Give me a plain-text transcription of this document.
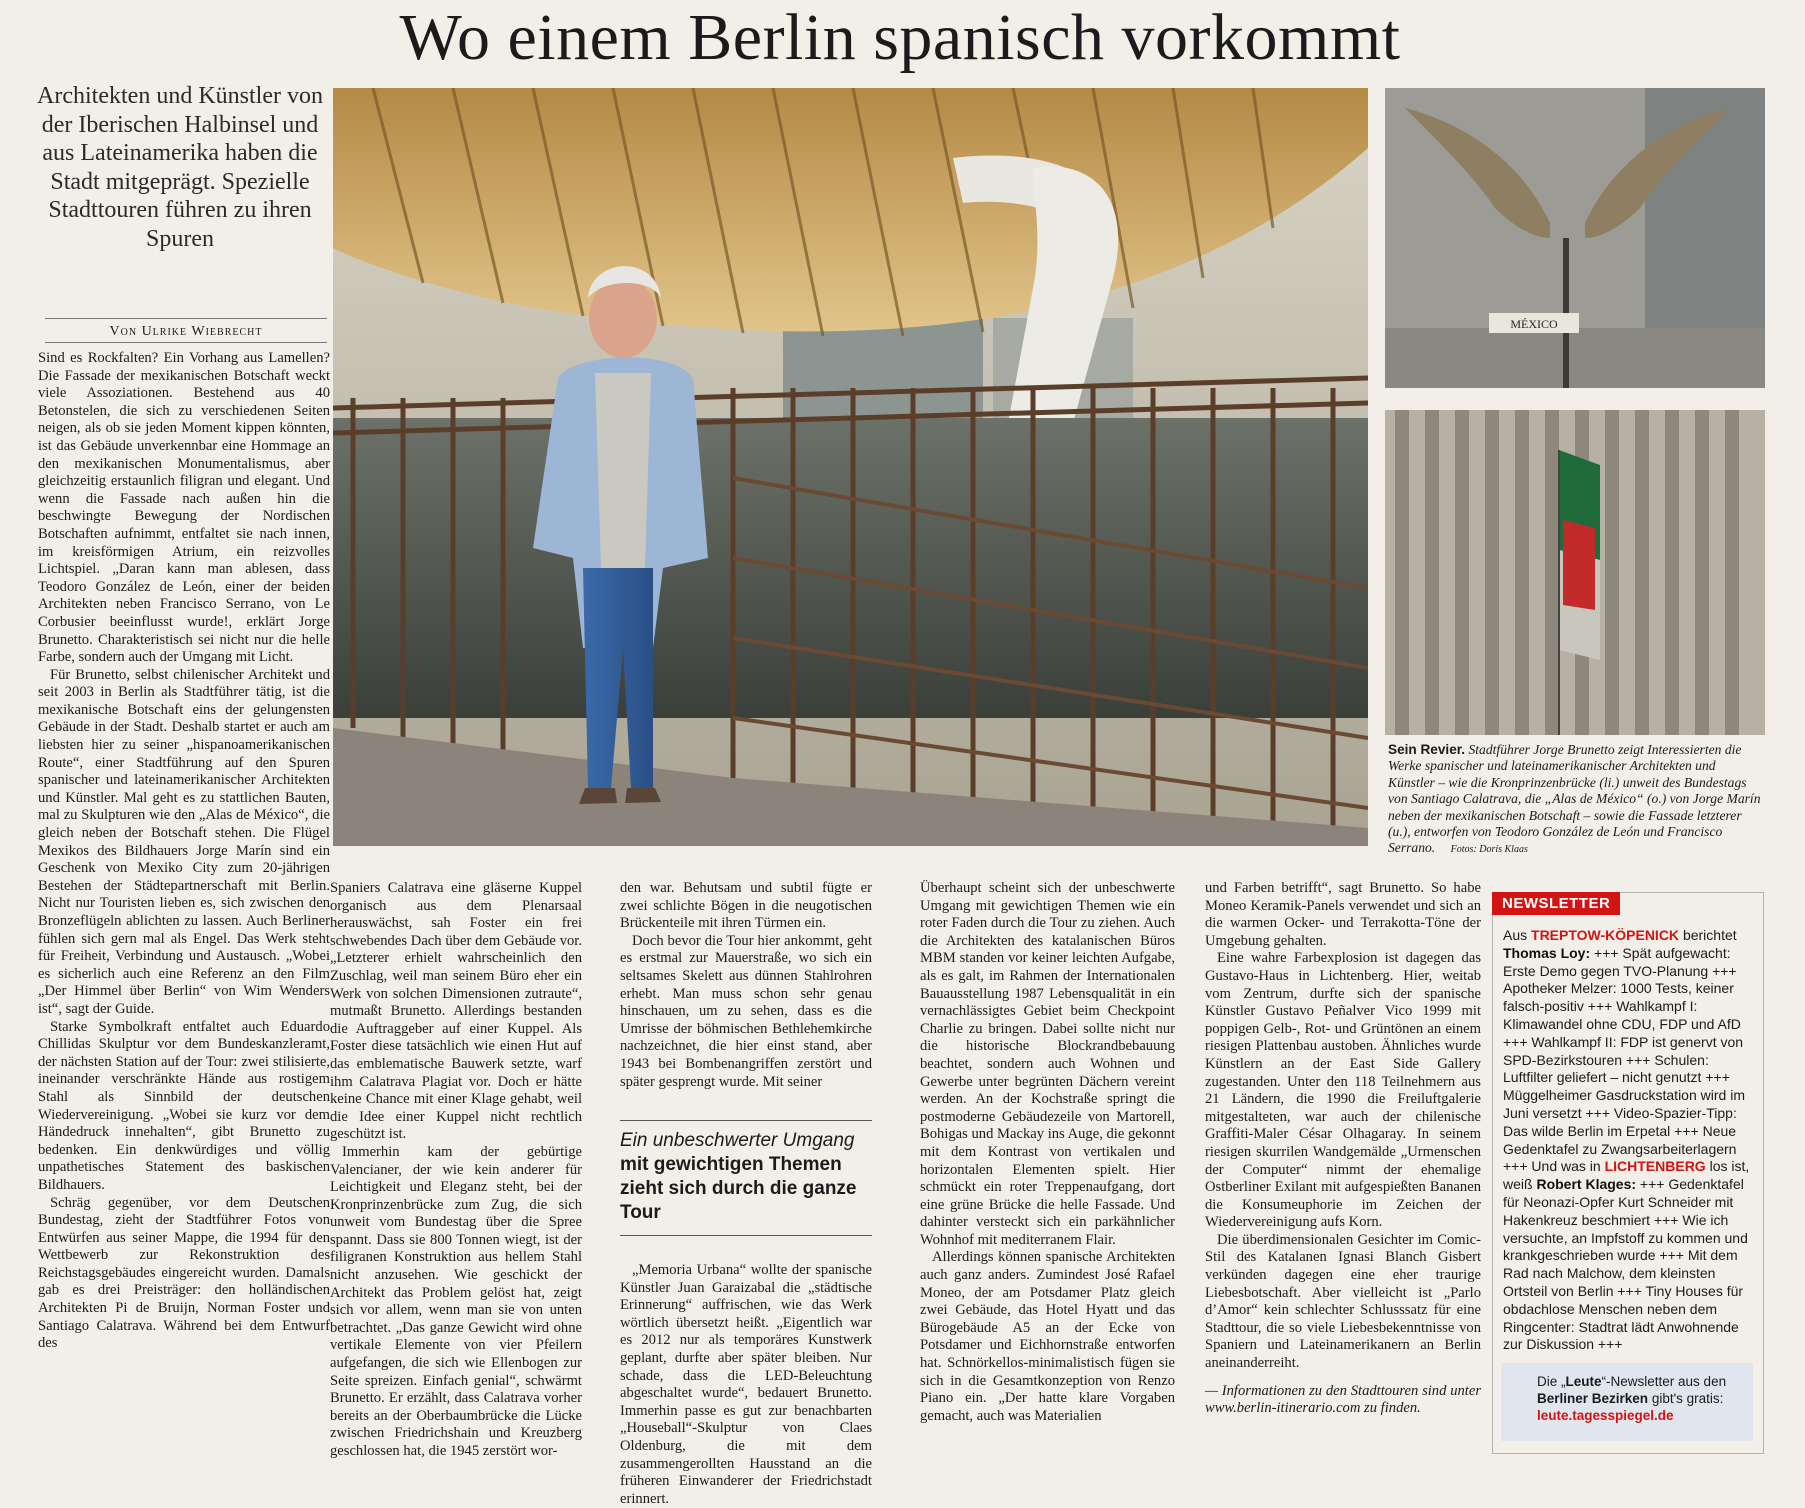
Wo einem Berlin spanisch vorkommt
Architekten und Künstler von der Iberischen Halbinsel und aus Lateinamerika haben die Stadt mitgeprägt. Spezielle Stadttouren führen zu ihren Spuren
Von Ulrike Wiebrecht

Sind es Rockfalten? Ein Vorhang aus Lamellen? Die Fassade der mexikanischen Botschaft weckt viele Assoziationen. Bestehend aus 40 Betonstelen, die sich zu verschiedenen Seiten neigen, als ob sie jeden Moment kippen könnten, ist das Gebäude unverkennbar eine Hommage an den mexikanischen Monumentalismus, aber gleichzeitig erstaunlich filigran und elegant. Und wenn die Fassade nach außen hin die beschwingte Bewegung der Nordischen Botschaften aufnimmt, entfaltet sie nach innen, im kreisförmigen Atrium, ein reizvolles Lichtspiel. „Daran kann man ablesen, dass Teodoro González de León, einer der beiden Architekten neben Francisco Serrano, von Le Corbusier beeinflusst wurde!, erklärt Jorge Brunetto. Charakteristisch sei nicht nur die helle Farbe, sondern auch der Umgang mit Licht.

Für Brunetto, selbst chilenischer Architekt und seit 2003 in Berlin als Stadtführer tätig, ist die mexikanische Botschaft eins der gelungensten Gebäude in der Stadt. Deshalb startet er auch am liebsten hier zu seiner „hispanoamerikanischen Route“, einer Stadtführung auf den Spuren spanischer und lateinamerikanischer Architekten und Künstler. Mal geht es zu stattlichen Bauten, mal zu Skulpturen wie den „Alas de México“, die gleich neben der Botschaft stehen. Die Flügel Mexikos des Bildhauers Jorge Marín sind ein Geschenk von Mexiko City zum 20-jährigen Bestehen der Städtepartnerschaft mit Berlin. Nicht nur Touristen lieben es, sich zwischen den Bronzeflügeln ablichten zu lassen. Auch Berliner fühlen sich gern mal als Engel. Das Werk steht für Freiheit, Verbindung und Austausch. „Wobei es sicherlich auch eine Referenz an den Film „Der Himmel über Berlin“ von Wim Wenders ist“, sagt der Guide.

Starke Symbolkraft entfaltet auch Eduardo Chillidas Skulptur vor dem Bundeskanzleramt, der nächsten Station auf der Tour: zwei stilisierte, ineinander verschränkte Hände aus rostigem Stahl als Sinnbild der deutschen Wiedervereinigung. „Wobei sie kurz vor dem Händedruck innehalten“, gibt Brunetto zu bedenken. Ein denkwürdiges und völlig unpathetisches Statement des baskischen Bildhauers.

Schräg gegenüber, vor dem Deutschen Bundestag, zieht der Stadtführer Fotos von Entwürfen aus seiner Mappe, die 1994 für den Wettbewerb zur Rekonstruktion des Reichstagsgebäudes eingereicht wurden. Damals gab es drei Preisträger: den holländischen Architekten Pi de Bruijn, Norman Foster und Santiago Calatrava. Während bei dem Entwurf des

MÉXICO
Sein Revier. Stadtführer Jorge Brunetto zeigt Interessierten die Werke spanischer und lateinamerikanischer Architekten und Künstler – wie die Kronprinzenbrücke (li.) unweit des Bundestags von Santiago Calatrava, die „Alas de México“ (o.) von Jorge Marín neben der mexikanischen Botschaft – sowie die Fassade letzterer (u.), entworfen von Teodoro González de León und Francisco Serrano. Fotos: Doris Klaas

Spaniers Calatrava eine gläserne Kuppel organisch aus dem Plenarsaal herauswächst, sah Foster ein frei schwebendes Dach über dem Gebäude vor. „Letzterer erhielt wahrscheinlich den Zuschlag, weil man seinem Büro eher ein Werk von solchen Dimensionen zutraute“, mutmaßt Brunetto. Allerdings bestanden die Auftraggeber auf einer Kuppel. Als Foster diese tatsächlich wie einen Hut auf das emblematische Bauwerk setzte, warf ihm Calatrava Plagiat vor. Doch er hätte keine Chance mit einer Klage gehabt, weil die Idee einer Kuppel nicht rechtlich geschützt ist.

Immerhin kam der gebürtige Valencianer, der wie kein anderer für Leichtigkeit und Eleganz steht, bei der Kronprinzenbrücke zum Zug, die sich unweit vom Bundestag über die Spree spannt. Dass sie 800 Tonnen wiegt, ist der filigranen Konstruktion aus hellem Stahl nicht anzusehen. Wie geschickt der Architekt das Problem gelöst hat, zeigt sich vor allem, wenn man sie von unten betrachtet. „Das ganze Gewicht wird ohne vertikale Elemente von vier Pfeilern aufgefangen, die sich wie Ellenbogen zur Seite spreizen. Einfach genial“, schwärmt Brunetto. Er erzählt, dass Calatrava vorher bereits an der Oberbaumbrücke die Lücke zwischen Friedrichshain und Kreuzberg geschlossen hat, die 1945 zerstört wor-

den war. Behutsam und subtil fügte er zwei schlichte Bögen in die neugotischen Brückenteile mit ihren Türmen ein.

Doch bevor die Tour hier ankommt, geht es erstmal zur Mauerstraße, wo sich ein seltsames Skelett aus dünnen Stahlrohren erhebt. Man muss schon sehr genau hinschauen, um zu sehen, dass es die Umrisse der böhmischen Bethlehemkirche nachzeichnet, die hier einst stand, aber 1943 bei Bombenangriffen zerstört und später gesprengt wurde. Mit seiner

Ein unbeschwerter Umgang
mit gewichtigen Themen zieht sich durch die ganze Tour

„Memoria Urbana“ wollte der spanische Künstler Juan Garaizabal die „städtische Erinnerung“ auffrischen, wie das Werk wörtlich übersetzt heißt. „Eigentlich war es 2012 nur als temporäres Kunstwerk geplant, durfte aber später bleiben. Nur schade, dass die LED-Beleuchtung abgeschaltet wurde“, bedauert Brunetto. Immerhin passe es gut zur benachbarten „Houseball“-Skulptur von Claes Oldenburg, die mit dem zusammengerollten Hausstand an die früheren Einwanderer der Friedrichstadt erinnert.

Überhaupt scheint sich der unbeschwerte Umgang mit gewichtigen Themen wie ein roter Faden durch die Tour zu ziehen. Auch die Architekten des katalanischen Büros MBM standen vor keiner leichten Aufgabe, als es galt, im Rahmen der Internationalen Bauausstellung 1987 Lebensqualität in ein vernachlässigtes Gebiet beim Checkpoint Charlie zu bringen. Dabei sollte nicht nur die historische Blockrandbebauung beachtet, sondern auch Wohnen und Gewerbe unter begrünten Dächern vereint werden. An der Kochstraße springt die postmoderne Gebäudezeile von Martorell, Bohigas und Mackay ins Auge, die gekonnt mit dem Kontrast von vertikalen und horizontalen Elementen spielt. Hier schmückt ein roter Treppenaufgang, dort eine grüne Brücke die helle Fassade. Und dahinter versteckt sich ein parkähnlicher Wohnhof mit mediterranem Flair.

Allerdings können spanische Architekten auch ganz anders. Zumindest José Rafael Moneo, der am Potsdamer Platz gleich zwei Gebäude, das Hotel Hyatt und das Bürogebäude A5 an der Ecke von Potsdamer und Eichhornstraße entworfen hat. Schnörkellos-minimalistisch fügen sie sich in die Gesamtkonzeption von Renzo Piano ein. „Der hatte klare Vorgaben gemacht, auch was Materialien

und Farben betrifft“, sagt Brunetto. So habe Moneo Keramik-Panels verwendet und sich an die warmen Ocker- und Terrakotta-Töne der Umgebung gehalten.

Eine wahre Farbexplosion ist dagegen das Gustavo-Haus in Lichtenberg. Hier, weitab vom Zentrum, durfte sich der spanische Künstler Gustavo Peñalver Vico 1999 mit poppigen Gelb-, Rot- und Grüntönen an einem riesigen Plattenbau austoben. Ähnliches wurde Künstlern an der East Side Gallery zugestanden. Unter den 118 Teilnehmern aus 21 Ländern, die 1990 die Freiluftgalerie mitgestalteten, war auch der chilenische Graffiti-Maler César Olhagaray. In seinem riesigen skurrilen Wandgemälde „Urmenschen der Computer“ nimmt der ehemalige Ostberliner Exilant mit aufgespießten Bananen die Konsumeuphorie im Zeichen der Wiedervereinigung aufs Korn.

Die überdimensionalen Gesichter im Comic-Stil des Katalanen Ignasi Blanch Gisbert verkünden dagegen eine eher traurige Liebesbotschaft. Aber vielleicht ist „Parlo d’Amor“ kein schlechter Schlusssatz für eine Stadttour, die so viele Liebesbekenntnisse von Spaniern und Lateinamerikanern an Berlin aneinanderreiht.

— Informationen zu den Stadttouren sind unter www.berlin-itinerario.com zu finden.

NEWSLETTER
Aus TREPTOW-KÖPENICK berichtet Thomas Loy: +++ Spät aufgewacht: Erste Demo gegen TVO-Planung +++ Apotheker Melzer: 1000 Tests, keiner falsch-positiv +++ Wahlkampf I: Klimawandel ohne CDU, FDP und AfD +++ Wahlkampf II: FDP ist genervt von SPD-Bezirkstouren +++ Schulen: Luftfilter geliefert – nicht genutzt +++ Müggelheimer Gasdruckstation wird im Juni versetzt +++ Video-Spazier-Tipp: Das wilde Berlin im Erpetal +++ Neue Gedenktafel zu Zwangsarbeiterlagern +++ Und was in LICHTENBERG los ist, weiß Robert Klages: +++ Gedenktafel für Neonazi-Opfer Kurt Schneider mit Hakenkreuz beschmiert +++ Wie ich versuchte, an Impfstoff zu kommen und krankgeschrieben wurde +++ Mit dem Rad nach Malchow, dem kleinsten Ortsteil von Berlin +++ Tiny Houses für obdachlose Menschen neben dem Ringcenter: Stadtrat lädt Anwohnende zur Diskussion +++
Die „Leute“-Newsletter aus den Berliner Bezirken gibt's gratis:
leute.tagesspiegel.de
